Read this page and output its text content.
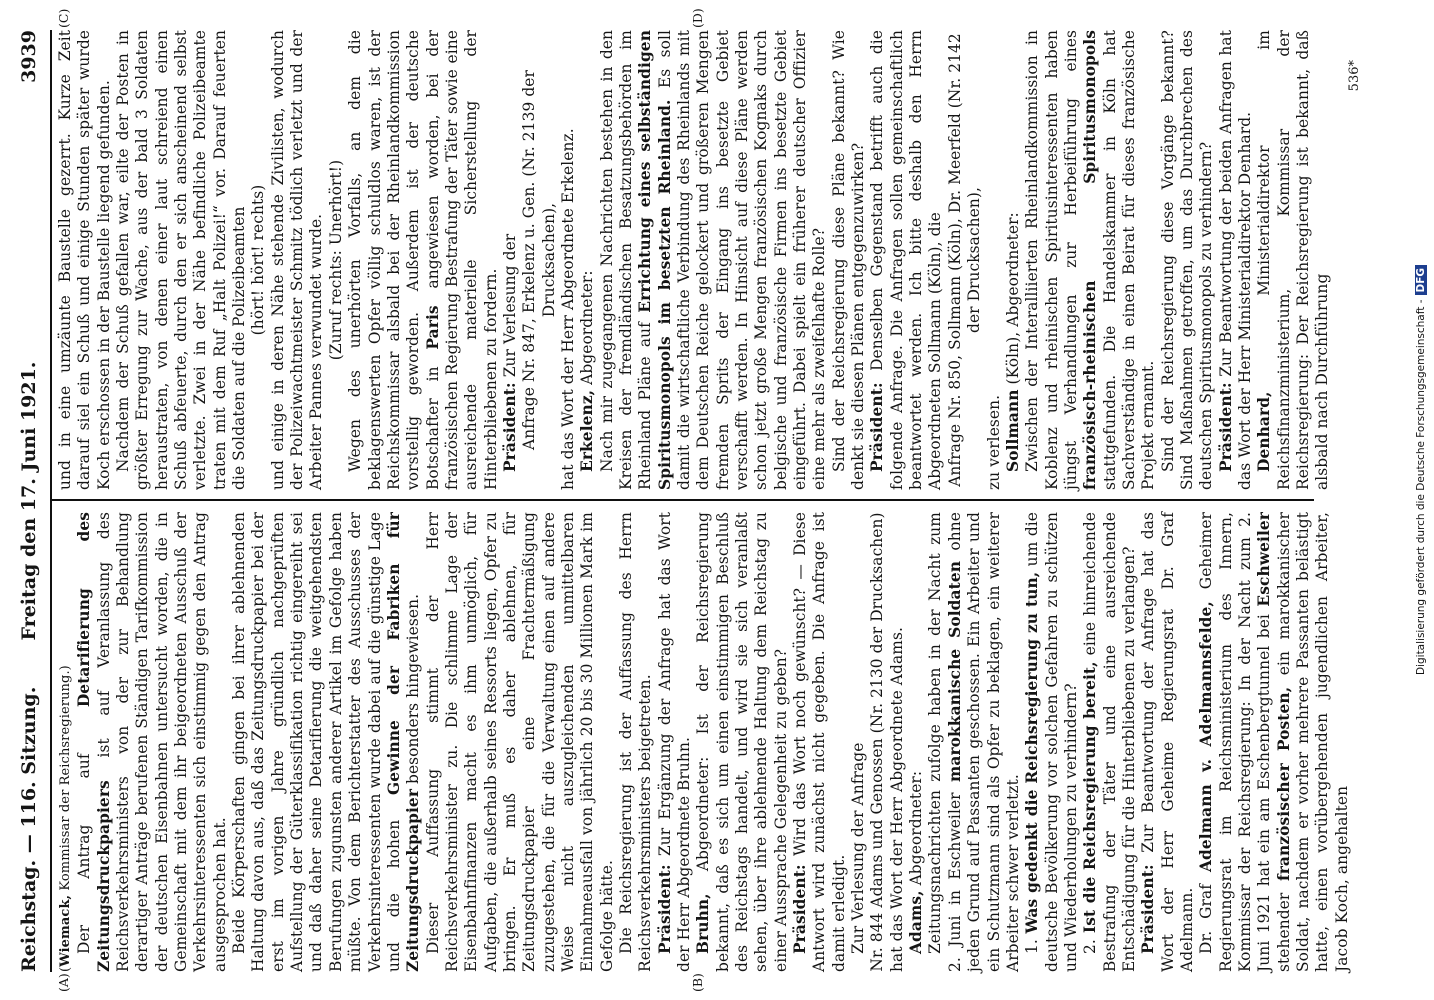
Reichstag. — 116. Sitzung.
Freitag den 17. Juni 1921.
3939
(A)	(B)
(C)	(D)

(Wiemack, Kommissar der Reichsregierung.) Der Antrag auf Detarifierung des Zeitungsdruckpapiers ist auf Veranlassung des Reichsverkehrsministers von der zur Behandlung derartiger Anträge berufenen Ständigen Tarifkommission der deutschen Eisenbahnen untersucht worden, die in Gemeinschaft mit dem ihr beigeordneten Ausschuß der Verkehrsinteressenten sich einstimmig gegen den Antrag ausgesprochen hat. Beide Körperschaften gingen bei ihrer ablehnenden Haltung davon aus, daß das Zeitungsdruckpapier bei der erst im vorigen Jahre gründlich nachgeprüften Aufstellung der Güterklassifikation richtig eingereiht sei und daß daher seine Detarifierung die weitgehendsten Berufungen zugunsten anderer Artikel im Gefolge haben müßte. Von dem Berichterstatter des Ausschusses der Verkehrsinteressenten wurde dabei auf die günstige Lage und die hohen Gewinne der Fabriken für Zeitungsdruckpapier besonders hingewiesen. Dieser Auffassung stimmt der Herr Reichsverkehrsminister zu. Die schlimme Lage der Eisenbahnfinanzen macht es ihm unmöglich, für Aufgaben, die außerhalb seines Ressorts liegen, Opfer zu bringen. Er muß es daher ablehnen, für Zeitungsdruckpapier eine Frachtermäßigung zuzugestehen, die für die Verwaltung einen auf andere Weise nicht auszugleichenden unmittelbaren Einnahmeausfall von jährlich 20 bis 30 Millionen Mark im Gefolge hätte. Die Reichsregierung ist der Auffassung des Herrn Reichsverkehrsministers beigetreten. Präsident: Zur Ergänzung der Anfrage hat das Wort der Herr Abgeordnete Bruhn. Bruhn, Abgeordneter: Ist der Reichsregierung bekannt, daß es sich um einen einstimmigen Beschluß des Reichstags handelt, und wird sie sich veranlaßt sehen, über ihre ablehnende Haltung dem Reichstag zu einer Aussprache Gelegenheit zu geben? Präsident: Wird das Wort noch gewünscht? — Diese Antwort wird zunächst nicht gegeben. Die Anfrage ist damit erledigt. Zur Verlesung der Anfrage Nr. 844 Adams und Genossen (Nr. 2130 der Drucksachen) hat das Wort der Herr Abgeordnete Adams. Adams, Abgeordneter: Zeitungsnachrichten zufolge haben in der Nacht zum 2. Juni in Eschweiler marokkanische Soldaten ohne jeden Grund auf Passanten geschossen. Ein Arbeiter und ein Schutzmann sind als Opfer zu beklagen, ein weiterer Arbeiter schwer verletzt. 1. Was gedenkt die Reichsregierung zu tun, um die deutsche Bevölkerung vor solchen Gefahren zu schützen und Wiederholungen zu verhindern? 2. Ist die Reichsregierung bereit, eine hinreichende Bestrafung der Täter und eine ausreichende Entschädigung für die Hinterbliebenen zu verlangen? Präsident: Zur Beantwortung der Anfrage hat das Wort der Herr Geheime Regierungsrat Dr. Graf Adelmann. Dr. Graf Adelmann v. Adelmannsfelde, Geheimer Regierungsrat im Reichsministerium des Innern, Kommissar der Reichsregierung: In der Nacht zum 2. Juni 1921 hat ein am Eschenbergtunnel bei Eschweiler stehender französischer Posten, ein marokkanischer Soldat, nachdem er vorher mehrere Passanten belästigt hatte, einen vorübergehenden jugendlichen Arbeiter, Jacob Koch, angehalten

und in eine umzäunte Baustelle gezerrt. Kurze Zeit darauf siel ein Schuß und einige Stunden später wurde Koch erschossen in der Baustelle liegend gefunden. Nachdem der Schuß gefallen war, eilte der Posten in größter Erregung zur Wache, aus der bald 3 Soldaten heraustraten, von denen einer laut schreiend einen Schuß abfeuerte, durch den er sich anscheinend selbst verletzte. Zwei in der Nähe befindliche Polizeibeamte traten mit dem Ruf „Halt Polizei!“ vor. Darauf feuerten die Soldaten auf die Polizeibeamten (hört! hört! rechts) und einige in deren Nähe stehende Zivilisten, wodurch der Polizeiwachtmeister Schmitz tödlich verletzt und der Arbeiter Pannes verwundet wurde. (Zuruf rechts: Unerhört!) Wegen des unerhörten Vorfalls, an dem die beklagenswerten Opfer völlig schuldlos waren, ist der Reichskommissar alsbald bei der Rheinlandkommission vorstellig geworden. Außerdem ist der deutsche Botschafter in Paris angewiesen worden, bei der französischen Regierung Bestrafung der Täter sowie eine ausreichende materielle Sicherstellung der Hinterbliebenen zu fordern. Präsident: Zur Verlesung der Anfrage Nr. 847, Erkelenz u. Gen. (Nr. 2139 der Drucksachen), hat das Wort der Herr Abgeordnete Erkelenz. Erkelenz, Abgeordneter: Nach mir zugegangenen Nachrichten bestehen in den Kreisen der fremdländischen Besatzungsbehörden im Rheinland Pläne auf Errichtung eines selbständigen Spiritusmonopols im besetzten Rheinland. Es soll damit die wirtschaftliche Verbindung des Rheinlands mit dem Deutschen Reiche gelockert und größeren Mengen fremden Sprits der Eingang ins besetzte Gebiet verschafft werden. In Hinsicht auf diese Pläne werden schon jetzt große Mengen französischen Kognaks durch belgische und französische Firmen ins besetzte Gebiet eingeführt. Dabei spielt ein früherer deutscher Offizier eine mehr als zweifelhafte Rolle? Sind der Reichsregierung diese Pläne bekannt? Wie denkt sie diesen Plänen entgegenzuwirken? Präsident: Denselben Gegenstand betrifft auch die folgende Anfrage. Die Anfragen sollen gemeinschaftlich beantwortet werden. Ich bitte deshalb den Herrn Abgeordneten Sollmann (Köln), die Anfrage Nr. 850, Sollmann (Köln), Dr. Meerfeld (Nr. 2142 der Drucksachen),

zu verlesen. Sollmann (Köln), Abgeordneter: Zwischen der Interalliierten Rheinlandkommission in Koblenz und rheinischen Spiritusinteressenten haben jüngst Verhandlungen zur Herbeiführung eines französisch-rheinischen Spiritusmonopols stattgefunden. Die Handelskammer in Köln hat Sachverständige in einen Beirat für dieses französische Projekt ernannt. Sind der Reichsregierung diese Vorgänge bekannt? Sind Maßnahmen getroffen, um das Durchbrechen des deutschen Spiritusmonopols zu verhindern? Präsident: Zur Beantwortung der beiden Anfragen hat das Wort der Herr Ministerialdirektor Denhard. Denhard, Ministerialdirektor im Reichsfinanzministerium, Kommissar der Reichsregierung: Der Reichsregierung ist bekannt, daß alsbald nach Durchführung

536*
Digitalisierung gefördert durch die Deutsche Forschungsgemeinschaft -DFG
